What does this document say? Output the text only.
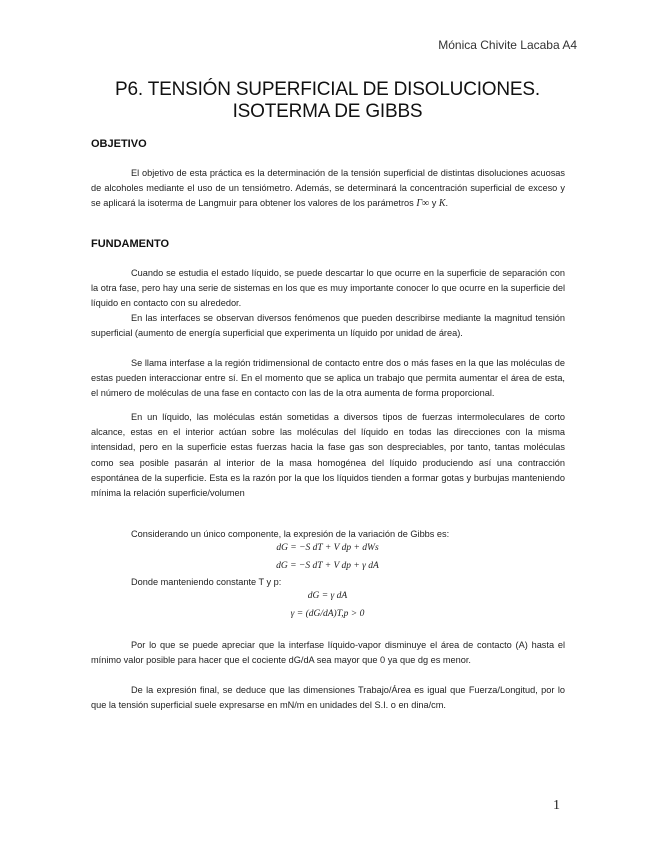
Mónica Chivite Lacaba A4
P6. TENSIÓN SUPERFICIAL DE DISOLUCIONES.
ISOTERMA DE GIBBS
OBJETIVO
El objetivo de esta práctica es la determinación de la tensión superficial de distintas disoluciones acuosas de alcoholes mediante el uso de un tensiómetro. Además, se determinará la concentración superficial de exceso y se aplicará la isoterma de Langmuir para obtener los valores de los parámetros Γ∞ y K.
FUNDAMENTO
Cuando se estudia el estado líquido, se puede descartar lo que ocurre en la superficie de separación con la otra fase, pero hay una serie de sistemas en los que es muy importante conocer lo que ocurre en la superficie del líquido en contacto con su alrededor.
En las interfaces se observan diversos fenómenos que pueden describirse mediante la magnitud tensión superficial (aumento de energía superficial que experimenta un líquido por unidad de área).
Se llama interfase a la región tridimensional de contacto entre dos o más fases en la que las moléculas de estas pueden interaccionar entre sí. En el momento que se aplica un trabajo que permita aumentar el área de esta, el número de moléculas de una fase en contacto con las de la otra aumenta de forma proporcional.
En un líquido, las moléculas están sometidas a diversos tipos de fuerzas intermoleculares de corto alcance, estas en el interior actúan sobre las moléculas del líquido en todas las direcciones con la misma intensidad, pero en la superficie estas fuerzas hacia la fase gas son despreciables, por tanto, tantas moléculas como sea posible pasarán al interior de la masa homogénea del líquido produciendo así una contracción espontánea de la superficie. Esta es la razón por la que los líquidos tienden a formar gotas y burbujas manteniendo mínima la relación superficie/volumen
Considerando un único componente, la expresión de la variación de Gibbs es:
dG = −S dT + V dp + dWs
dG = −S dT + V dp + γ dA
Donde manteniendo constante T y p:
dG = γ dA
γ = (dG/dA)T,p > 0
Por lo que se puede apreciar que la interfase líquido-vapor disminuye el área de contacto (A) hasta el mínimo valor posible para hacer que el cociente dG/dA sea mayor que 0 ya que dg es menor.
De la expresión final, se deduce que las dimensiones Trabajo/Área es igual que Fuerza/Longitud, por lo que la tensión superficial suele expresarse en mN/m en unidades del S.I. o en dina/cm.
1
